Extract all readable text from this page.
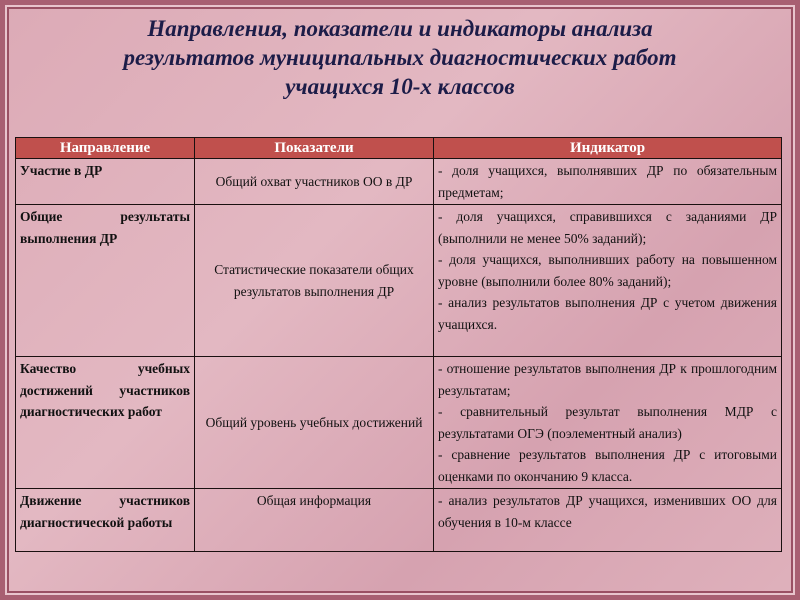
Направления, показатели и индикаторы анализа
результатов муниципальных диагностических работ
учащихся 10-х классов
Направление	Показатели	Индикатор
Участие в ДР	Общий охват участников ОО в ДР	- доля учащихся, выполнявших ДР по обязательным предметам;

Общие результаты выполнения ДР	Статистические показатели общих результатов выполнения ДР	- доля учащихся, справившихся с заданиями ДР (выполнили не менее 50% заданий);

- доля учащихся, выполнивших работу на повышенном уровне (выполнили более 80% заданий);

- анализ результатов выполнения ДР с учетом движения учащихся.

Качество учебных достижений участников диагностических работ	Общий уровень учебных достижений	- отношение результатов выполнения ДР к прошлогодним результатам;

- сравнительный результат выполнения МДР с результатами ОГЭ (поэлементный анализ)

- сравнение результатов выполнения ДР с итоговыми оценками по окончанию 9 класса.

Движение участников диагностической работы	Общая информация	- анализ результатов ДР учащихся, изменивших ОО для обучения в 10-м классе
